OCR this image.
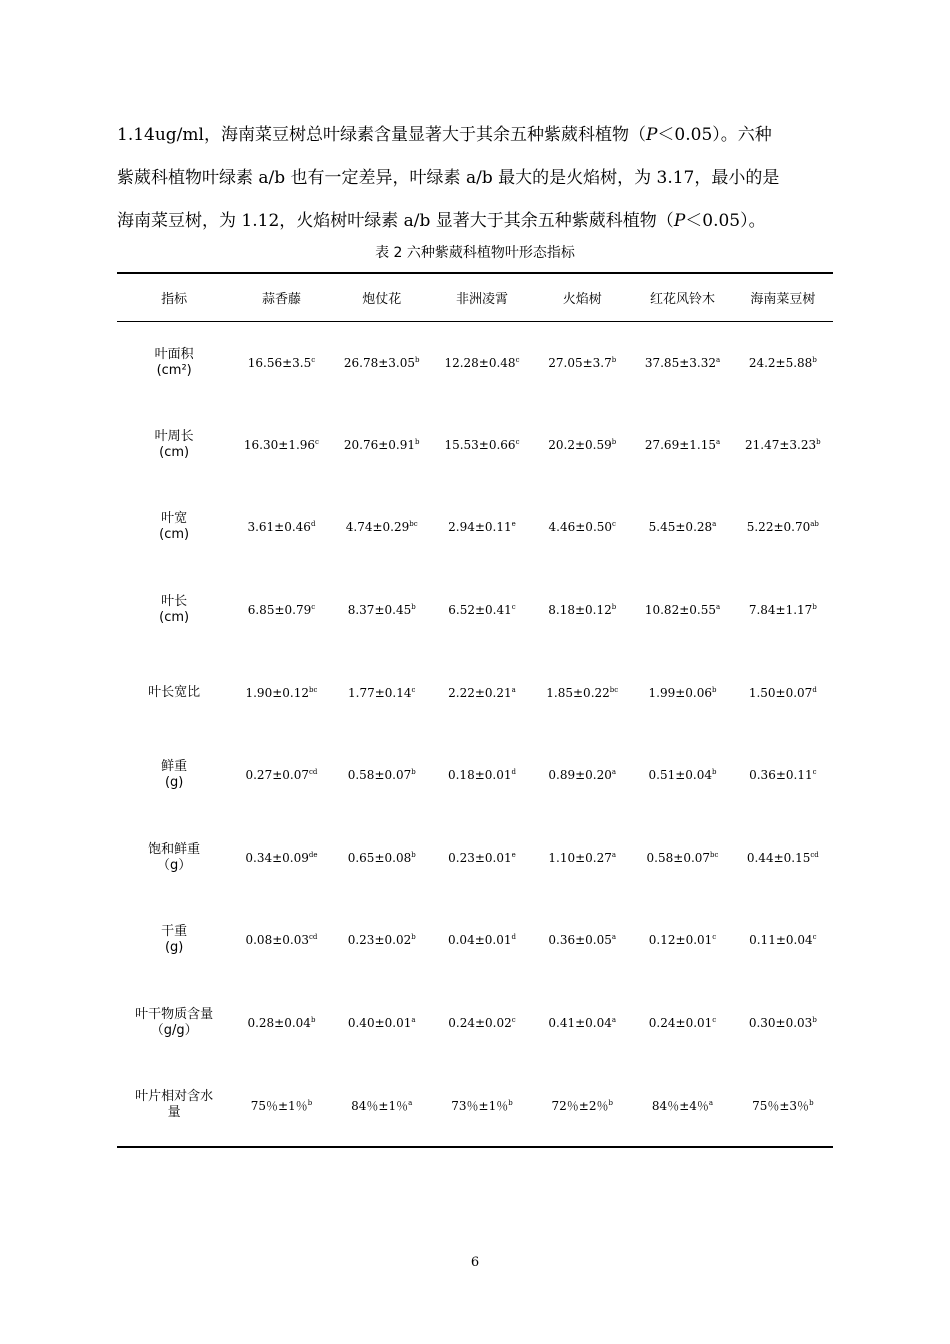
1.14ug/ml，海南菜豆树总叶绿素含量显著大于其余五种紫葳科植物（P＜0.05）。六种

紫葳科植物叶绿素 a/b 也有一定差异，叶绿素 a/b 最大的是火焰树，为 3.17，最小的是

海南菜豆树，为 1.12，火焰树叶绿素 a/b 显著大于其余五种紫葳科植物（P＜0.05）。

表 2 六种紫葳科植物叶形态指标
指标	蒜香藤	炮仗花	非洲凌霄	火焰树	红花风铃木	海南菜豆树

叶面积
(cm²)	16.56±3.5$^c$	26.78±3.05$^b$	12.28±0.48$^c$	27.05±3.7$^b$	37.85±3.32$^a$	24.2±5.88$^b$

叶周长
(cm)	16.30±1.96$^c$	20.76±0.91$^b$	15.53±0.66$^c$	20.2±0.59$^b$	27.69±1.15$^a$	21.47±3.23$^b$

叶宽
(cm)	3.61±0.46$^d$	4.74±0.29$^{bc}$	2.94±0.11$^e$	4.46±0.50$^c$	5.45±0.28$^a$	5.22±0.70$^{ab}$

叶长
(cm)	6.85±0.79$^c$	8.37±0.45$^b$	6.52±0.41$^c$	8.18±0.12$^b$	10.82±0.55$^a$	7.84±1.17$^b$

叶长宽比	1.90±0.12$^{bc}$	1.77±0.14$^c$	2.22±0.21$^a$	1.85±0.22$^{bc}$	1.99±0.06$^b$	1.50±0.07$^d$

鲜重
(g)	0.27±0.07$^{cd}$	0.58±0.07$^b$	0.18±0.01$^d$	0.89±0.20$^a$	0.51±0.04$^b$	0.36±0.11$^c$

饱和鲜重
（g）	0.34±0.09de	0.65±0.08$^b$	0.23±0.01$^e$	1.10±0.27$^a$	0.58±0.07$^{bc}$	0.44±0.15$^{cd}$

干重
(g)	0.08±0.03$^{cd}$	0.23±0.02$^b$	0.04±0.01$^d$	0.36±0.05$^a$	0.12±0.01$^c$	0.11±0.04$^c$

叶干物质含量
（g/g）	0.28±0.04$^b$	0.40±0.01$^a$	0.24±0.02$^c$	0.41±0.04$^a$	0.24±0.01$^c$	0.30±0.03$^b$

叶片相对含水
量	75％±1％$^b$	84％±1％$^a$	73％±1％$^b$	72％±2％$^b$	84％±4％$^a$	75％±3％$^b$
6
